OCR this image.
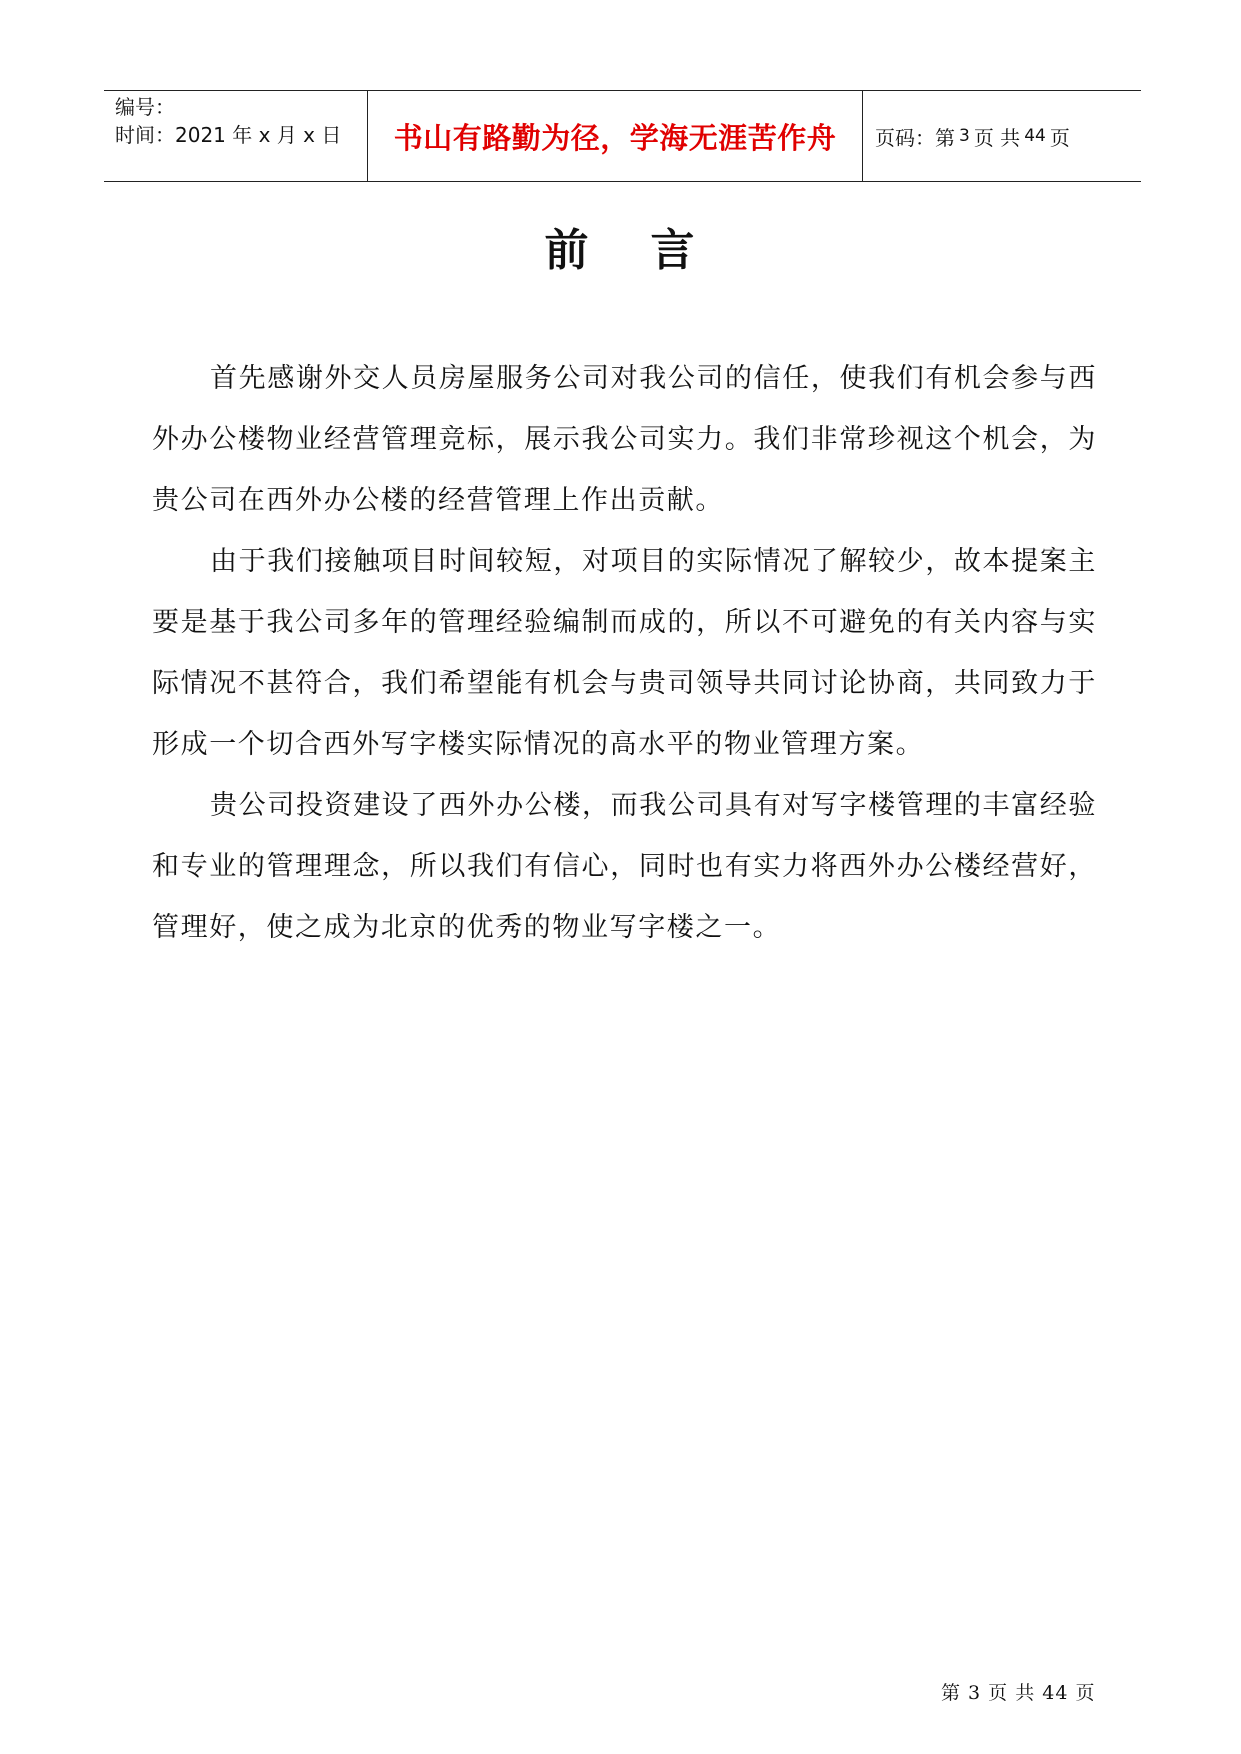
编号：
时间：2021 年 x 月 x 日	书山有路勤为径，学海无涯苦作舟	页码：第 3 页 共 44 页
前 言

首先感谢外交人员房屋服务公司对我公司的信任，使我们有机会参与西外办公楼物业经营管理竞标，展示我公司实力。我们非常珍视这个机会，为贵公司在西外办公楼的经营管理上作出贡献。

由于我们接触项目时间较短，对项目的实际情况了解较少，故本提案主要是基于我公司多年的管理经验编制而成的，所以不可避免的有关内容与实际情况不甚符合，我们希望能有机会与贵司领导共同讨论协商，共同致力于形成一个切合西外写字楼实际情况的高水平的物业管理方案。

贵公司投资建设了西外办公楼，而我公司具有对写字楼管理的丰富经验和专业的管理理念，所以我们有信心，同时也有实力将西外办公楼经营好，管理好，使之成为北京的优秀的物业写字楼之一。

第 3 页 共 44 页
